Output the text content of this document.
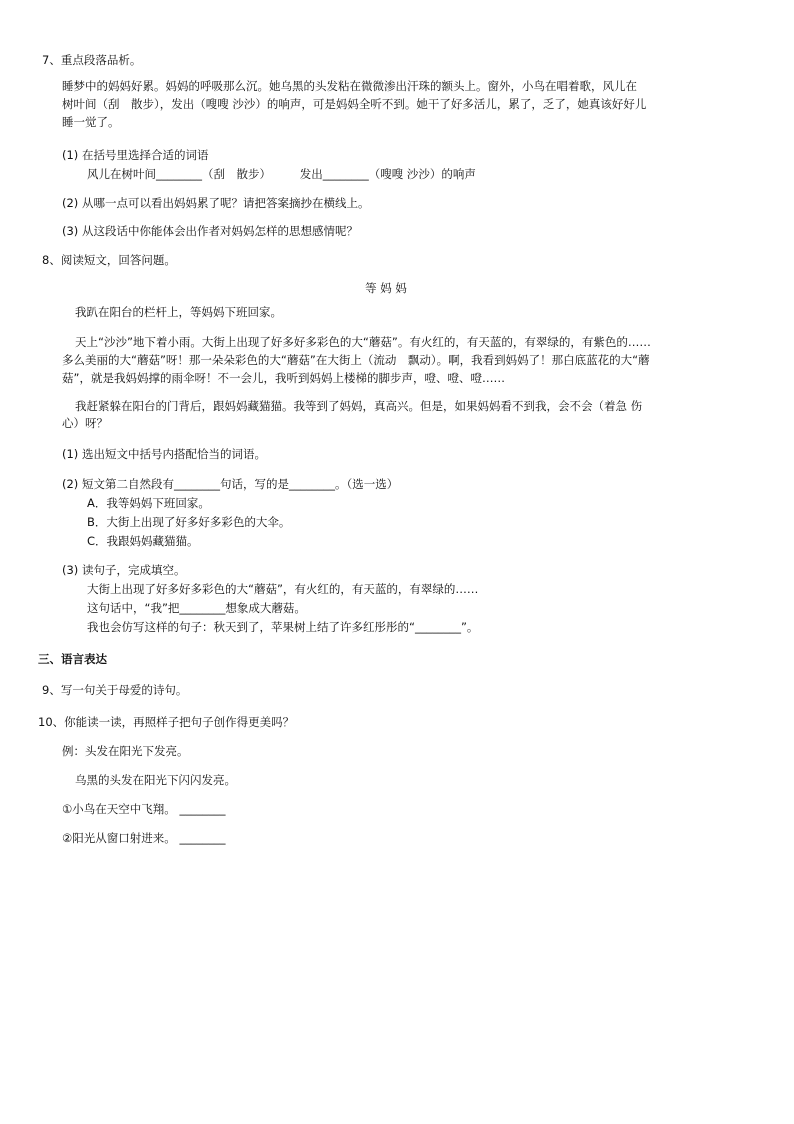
7、重点段落品析。
睡梦中的妈妈好累。妈妈的呼吸那么沉。她乌黑的头发粘在微微渗出汗珠的额头上。窗外，小鸟在唱着歌，风儿在
树叶间（刮　散步），发出（嗖嗖 沙沙）的响声，可是妈妈全听不到。她干了好多活儿，累了，乏了，她真该好好儿
睡一觉了。
(1) 在括号里选择合适的词语
风儿在树叶间________（刮　散步）　　　发出________（嗖嗖 沙沙）的响声
(2) 从哪一点可以看出妈妈累了呢？请把答案摘抄在横线上。
(3) 从这段话中你能体会出作者对妈妈怎样的思想感情呢？
8、阅读短文，回答问题。
等 妈 妈
我趴在阳台的栏杆上，等妈妈下班回家。
天上“沙沙”地下着小雨。大街上出现了好多好多彩色的大“蘑菇”。有火红的，有天蓝的，有翠绿的，有紫色的……
多么美丽的大“蘑菇”呀！那一朵朵彩色的大“蘑菇”在大街上（流动　飘动）。啊，我看到妈妈了！那白底蓝花的大“蘑
菇”，就是我妈妈撑的雨伞呀！不一会儿，我听到妈妈上楼梯的脚步声，噔、噔、噔……
我赶紧躲在阳台的门背后，跟妈妈藏猫猫。我等到了妈妈，真高兴。但是，如果妈妈看不到我，会不会（着急 伤
心）呀？
(1) 选出短文中括号内搭配恰当的词语。
(2) 短文第二自然段有________句话，写的是________。（选一选）
A．我等妈妈下班回家。
B．大街上出现了好多好多彩色的大伞。
C．我跟妈妈藏猫猫。
(3) 读句子，完成填空。
大街上出现了好多好多彩色的大“蘑菇”，有火红的，有天蓝的，有翠绿的……
这句话中，“我”把________想象成大蘑菇。
我也会仿写这样的句子：秋天到了，苹果树上结了许多红彤彤的“________”。
三、语言表达
9、写一句关于母爱的诗句。
10、你能读一读，再照样子把句子创作得更美吗？
例：头发在阳光下发亮。
乌黑的头发在阳光下闪闪发亮。
①小鸟在天空中飞翔。 ________
②阳光从窗口射进来。 ________
